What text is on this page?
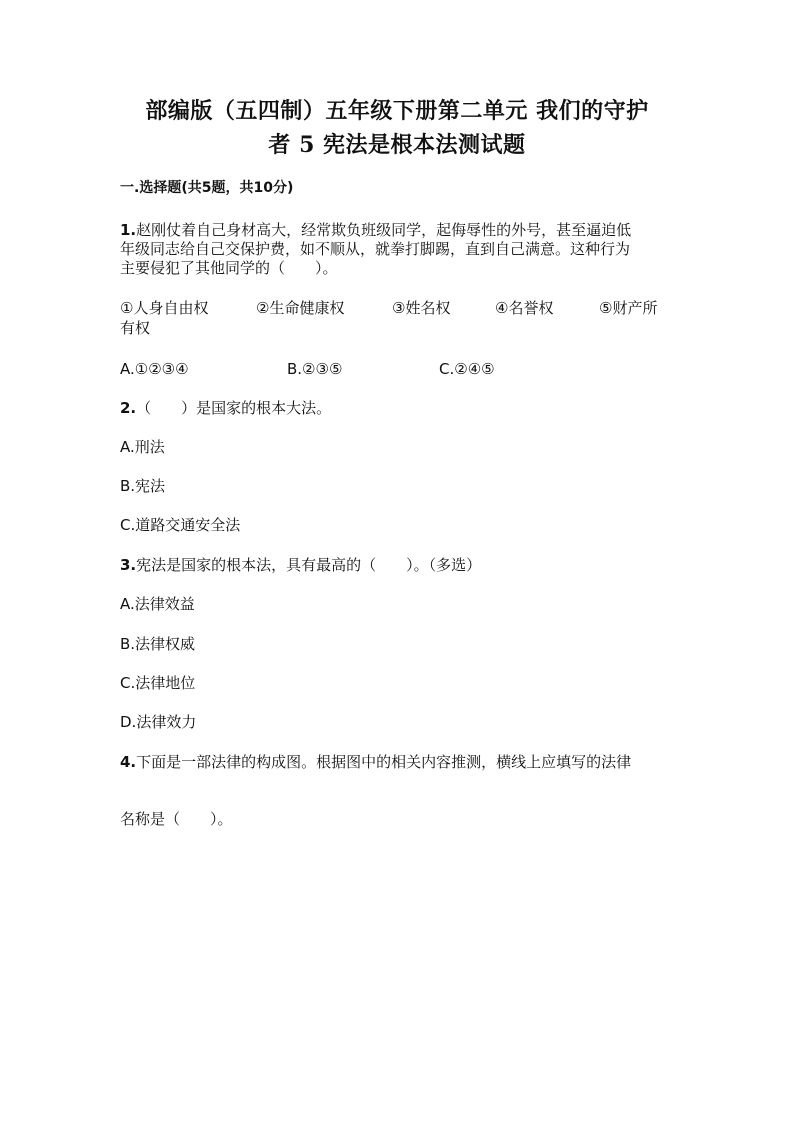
部编版（五四制）五年级下册第二单元 我们的守护
者 5 宪法是根本法测试题
一.选择题(共5题，共10分)
1.赵刚仗着自己身材高大，经常欺负班级同学，起侮辱性的外号，甚至逼迫低
年级同志给自己交保护费，如不顺从，就拳打脚踢，直到自己满意。这种行为
主要侵犯了其他同学的（　　）。
①人身自由权	②生命健康权	③姓名权	④名誉权	⑤财产所
有权
A.①②③④	B.②③⑤	C.②④⑤
2.（　　）是国家的根本大法。
A.刑法
B.宪法
C.道路交通安全法
3.宪法是国家的根本法，具有最高的（　　）。（多选）
A.法律效益
B.法律权威
C.法律地位
D.法律效力
4.下面是一部法律的构成图。根据图中的相关内容推测，横线上应填写的法律
名称是（　　）。
